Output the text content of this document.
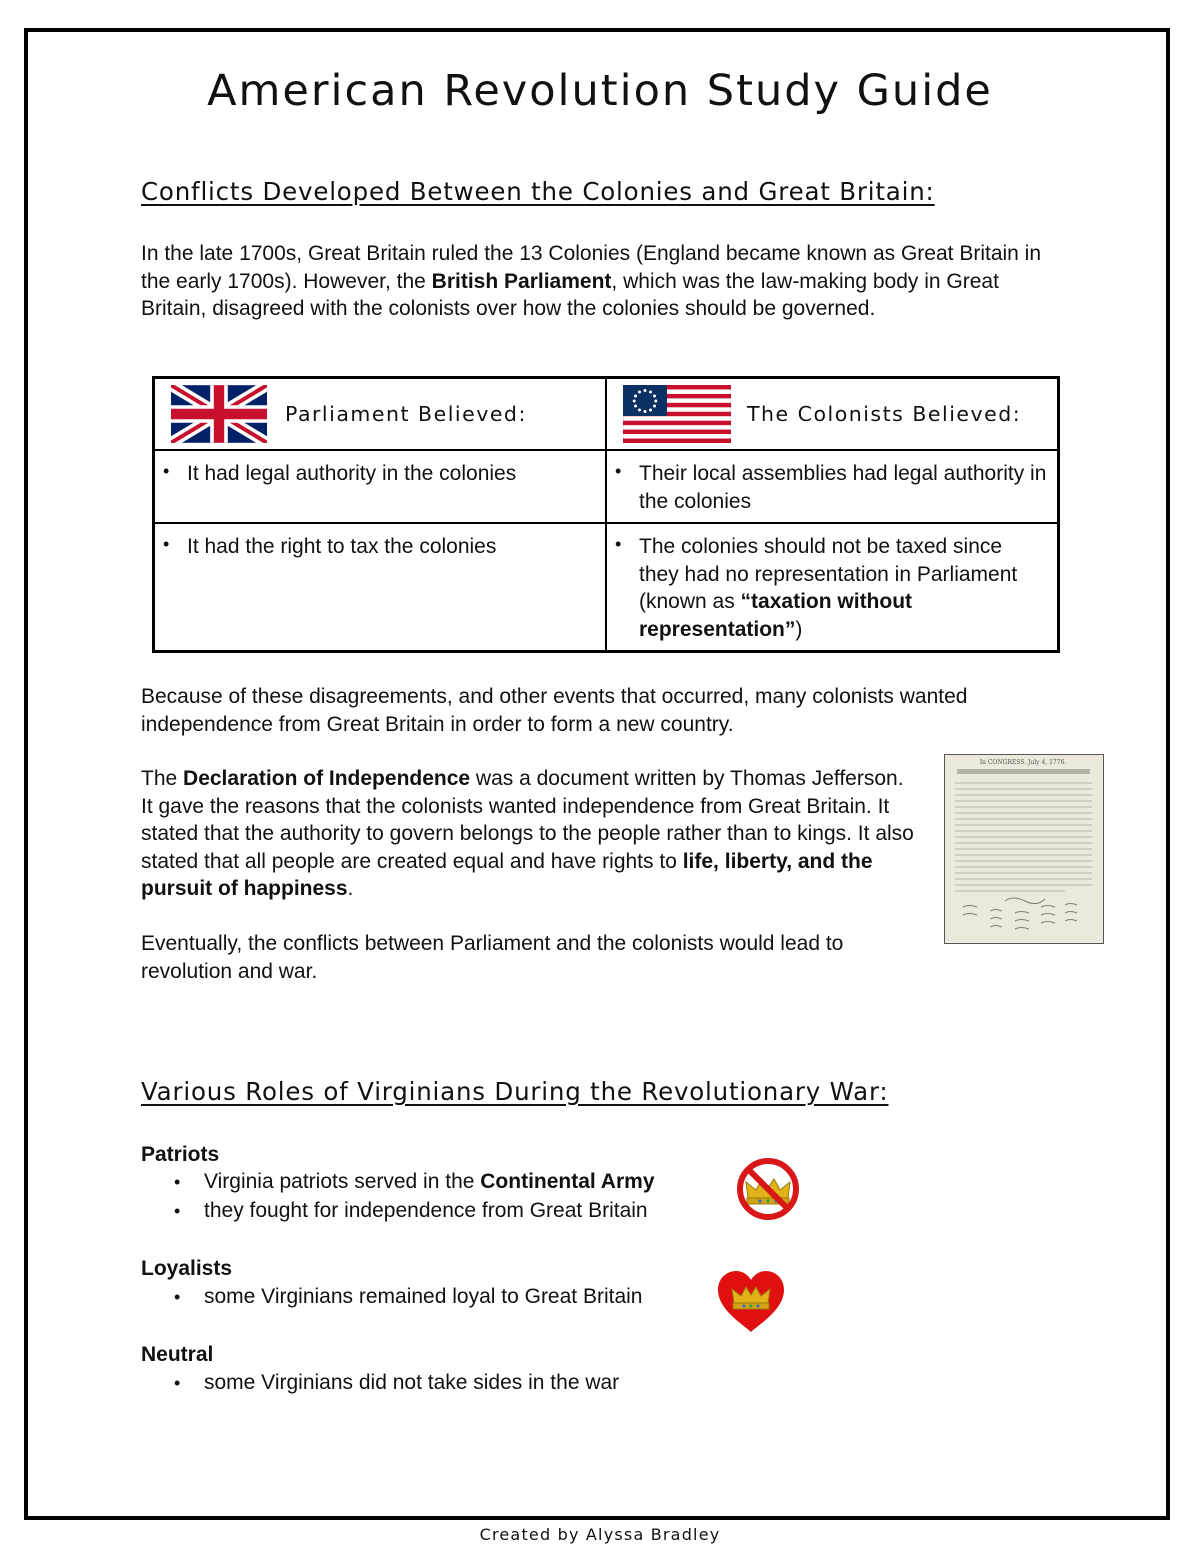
American Revolution Study Guide
Conflicts Developed Between the Colonies and Great Britain:

In the late 1700s, Great Britain ruled the 13 Colonies (England became known as Great Britain in the early 1700s). However, the British Parliament, which was the law-making body in Great Britain, disagreed with the colonists over how the colonies should be governed.

Parliament Believed:	The Colonists Believed:

• It had legal authority in the colonies	• Their local assemblies had legal authority in the colonies

• It had the right to tax the colonies	• The colonies should not be taxed since they had no representation in Parliament (known as “taxation without representation”)

Because of these disagreements, and other events that occurred, many colonists wanted independence from Great Britain in order to form a new country.

The Declaration of Independence was a document written by Thomas Jefferson. It gave the reasons that the colonists wanted independence from Great Britain. It stated that the authority to govern belongs to the people rather than to kings. It also stated that all people are created equal and have rights to life, liberty, and the pursuit of happiness.

In CONGRESS. July 4, 1776.

Eventually, the conflicts between Parliament and the colonists would lead to revolution and war.

Various Roles of Virginians During the Revolutionary War:

Patriots

• Virginia patriots served in the Continental Army

• they fought for independence from Great Britain

Loyalists

• some Virginians remained loyal to Great Britain

Neutral

• some Virginians did not take sides in the war

Created by Alyssa Bradley
